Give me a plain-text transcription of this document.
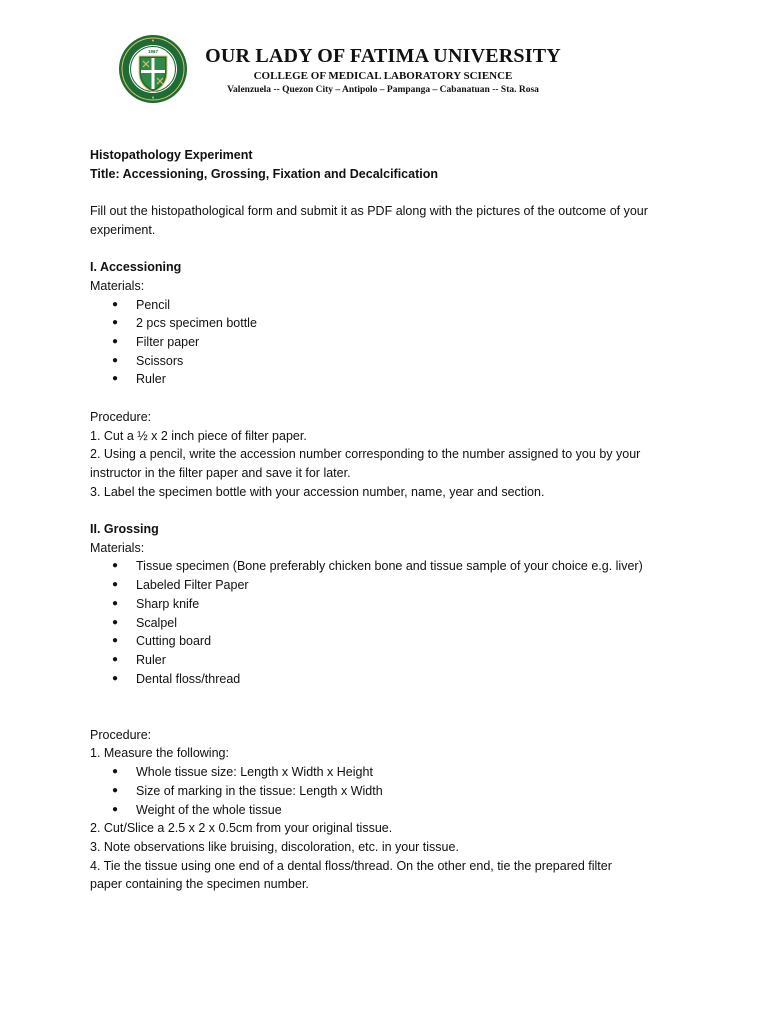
1967	OUR LADY OF FATIMA UNIVERSITY
COLLEGE OF MEDICAL LABORATORY SCIENCE
Valenzuela -- Quezon City – Antipolo – Pampanga – Cabanatuan -- Sta. Rosa

Histopathology Experiment

Title: Accessioning, Grossing, Fixation and Decalcification

Fill out the histopathological form and submit it as PDF along with the pictures of the outcome of your experiment.

I. Accessioning

Materials:

● Pencil
● 2 pcs specimen bottle
● Filter paper
● Scissors
● Ruler

Procedure:

1. Cut a ½ x 2 inch piece of filter paper.

2. Using a pencil, write the accession number corresponding to the number assigned to you by your instructor in the filter paper and save it for later.

3. Label the specimen bottle with your accession number, name, year and section.

II. Grossing

Materials:

● Tissue specimen (Bone preferably chicken bone and tissue sample of your choice e.g. liver)
● Labeled Filter Paper
● Sharp knife
● Scalpel
● Cutting board
● Ruler
● Dental floss/thread

Procedure:

1. Measure the following:

● Whole tissue size: Length x Width x Height
● Size of marking in the tissue: Length x Width
● Weight of the whole tissue

2. Cut/Slice a 2.5 x 2 x 0.5cm from your original tissue.

3. Note observations like bruising, discoloration, etc. in your tissue.

4. Tie the tissue using one end of a dental floss/thread. On the other end, tie the prepared filter paper containing the specimen number.
